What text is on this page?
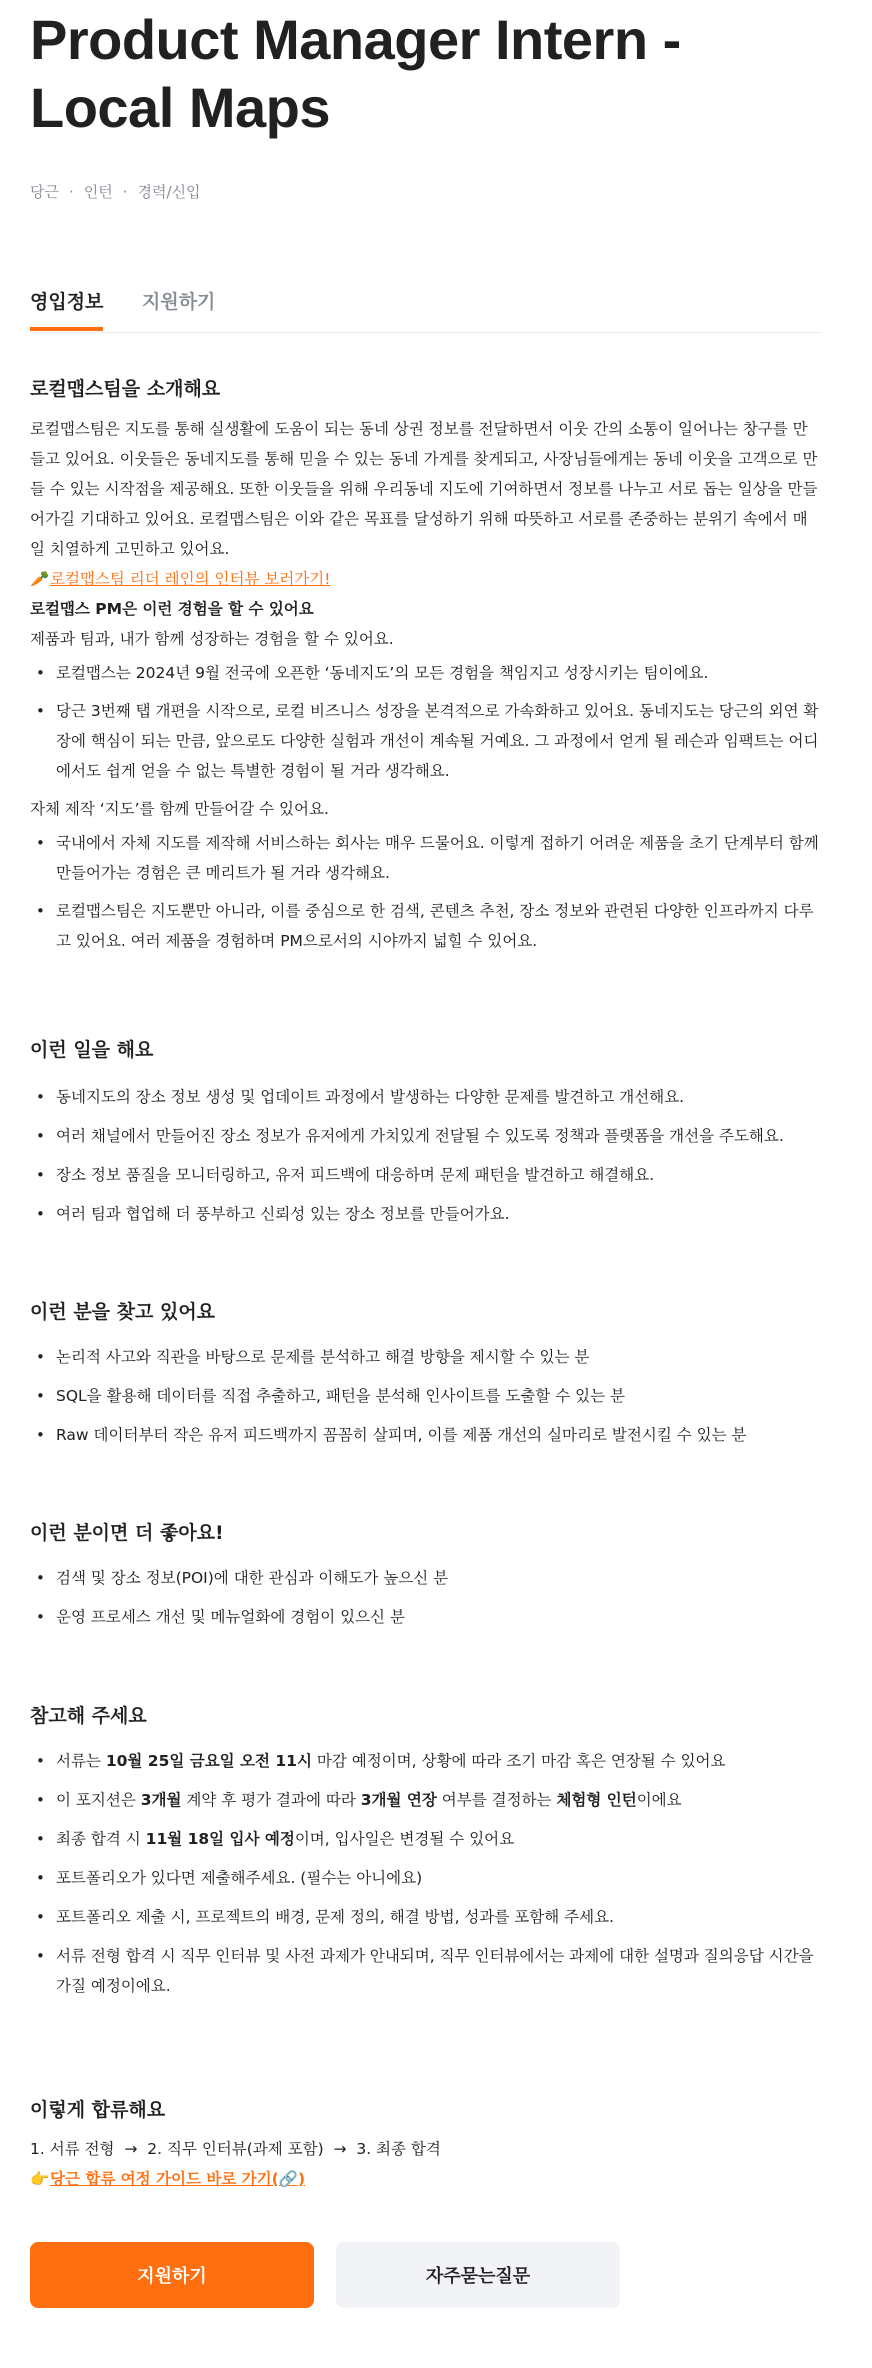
Product Manager Intern - Local Maps
당근 · 인턴 · 경력/신입
영입정보 지원하기
로컬맵스팀을 소개해요

로컬맵스팀은 지도를 통해 실생활에 도움이 되는 동네 상권 정보를 전달하면서 이웃 간의 소통이 일어나는 창구를 만들고 있어요. 이웃들은 동네지도를 통해 믿을 수 있는 동네 가게를 찾게되고, 사장님들에게는 동네 이웃을 고객으로 만들 수 있는 시작점을 제공해요. 또한 이웃들을 위해 우리동네 지도에 기여하면서 정보를 나누고 서로 돕는 일상을 만들어가길 기대하고 있어요. 로컬맵스팀은 이와 같은 목표를 달성하기 위해 따뜻하고 서로를 존중하는 분위기 속에서 매일 치열하게 고민하고 있어요.

🥕로컬맵스팀 리더 레인의 인터뷰 보러가기!

로컬맵스 PM은 이런 경험을 할 수 있어요

제품과 팀과, 내가 함께 성장하는 경험을 할 수 있어요.

• 로컬맵스는 2024년 9월 전국에 오픈한 ‘동네지도’의 모든 경험을 책임지고 성장시키는 팀이에요.
• 당근 3번째 탭 개편을 시작으로, 로컬 비즈니스 성장을 본격적으로 가속화하고 있어요. 동네지도는 당근의 외연 확장에 핵심이 되는 만큼, 앞으로도 다양한 실험과 개선이 계속될 거예요. 그 과정에서 얻게 될 레슨과 임팩트는 어디에서도 쉽게 얻을 수 없는 특별한 경험이 될 거라 생각해요.

자체 제작 ‘지도’를 함께 만들어갈 수 있어요.

• 국내에서 자체 지도를 제작해 서비스하는 회사는 매우 드물어요. 이렇게 접하기 어려운 제품을 초기 단계부터 함께 만들어가는 경험은 큰 메리트가 될 거라 생각해요.
• 로컬맵스팀은 지도뿐만 아니라, 이를 중심으로 한 검색, 콘텐츠 추천, 장소 정보와 관련된 다양한 인프라까지 다루고 있어요. 여러 제품을 경험하며 PM으로서의 시야까지 넓힐 수 있어요.
이런 일을 해요
• 동네지도의 장소 정보 생성 및 업데이트 과정에서 발생하는 다양한 문제를 발견하고 개선해요.
• 여러 채널에서 만들어진 장소 정보가 유저에게 가치있게 전달될 수 있도록 정책과 플랫폼을 개선을 주도해요.
• 장소 정보 품질을 모니터링하고, 유저 피드백에 대응하며 문제 패턴을 발견하고 해결해요.
• 여러 팀과 협업해 더 풍부하고 신뢰성 있는 장소 정보를 만들어가요.
이런 분을 찾고 있어요
• 논리적 사고와 직관을 바탕으로 문제를 분석하고 해결 방향을 제시할 수 있는 분
• SQL을 활용해 데이터를 직접 추출하고, 패턴을 분석해 인사이트를 도출할 수 있는 분
• Raw 데이터부터 작은 유저 피드백까지 꼼꼼히 살피며, 이를 제품 개선의 실마리로 발전시킬 수 있는 분
이런 분이면 더 좋아요!
• 검색 및 장소 정보(POI)에 대한 관심과 이해도가 높으신 분
• 운영 프로세스 개선 및 메뉴얼화에 경험이 있으신 분
참고해 주세요
• 서류는 10월 25일 금요일 오전 11시 마감 예정이며, 상황에 따라 조기 마감 혹은 연장될 수 있어요
• 이 포지션은 3개월 계약 후 평가 결과에 따라 3개월 연장 여부를 결정하는 체험형 인턴이에요
• 최종 합격 시 11월 18일 입사 예정이며, 입사일은 변경될 수 있어요
• 포트폴리오가 있다면 제출해주세요. (필수는 아니에요)
• 포트폴리오 제출 시, 프로젝트의 배경, 문제 정의, 해결 방법, 성과를 포함해 주세요.
• 서류 전형 합격 시 직무 인터뷰 및 사전 과제가 안내되며, 직무 인터뷰에서는 과제에 대한 설명과 질의응답 시간을 가질 예정이에요.
이렇게 합류해요

1. 서류 전형  →  2. 직무 인터뷰(과제 포함)  →  3. 최종 합격

👉당근 합류 여정 가이드 바로 가기(🔗)

지원하기	자주묻는질문
